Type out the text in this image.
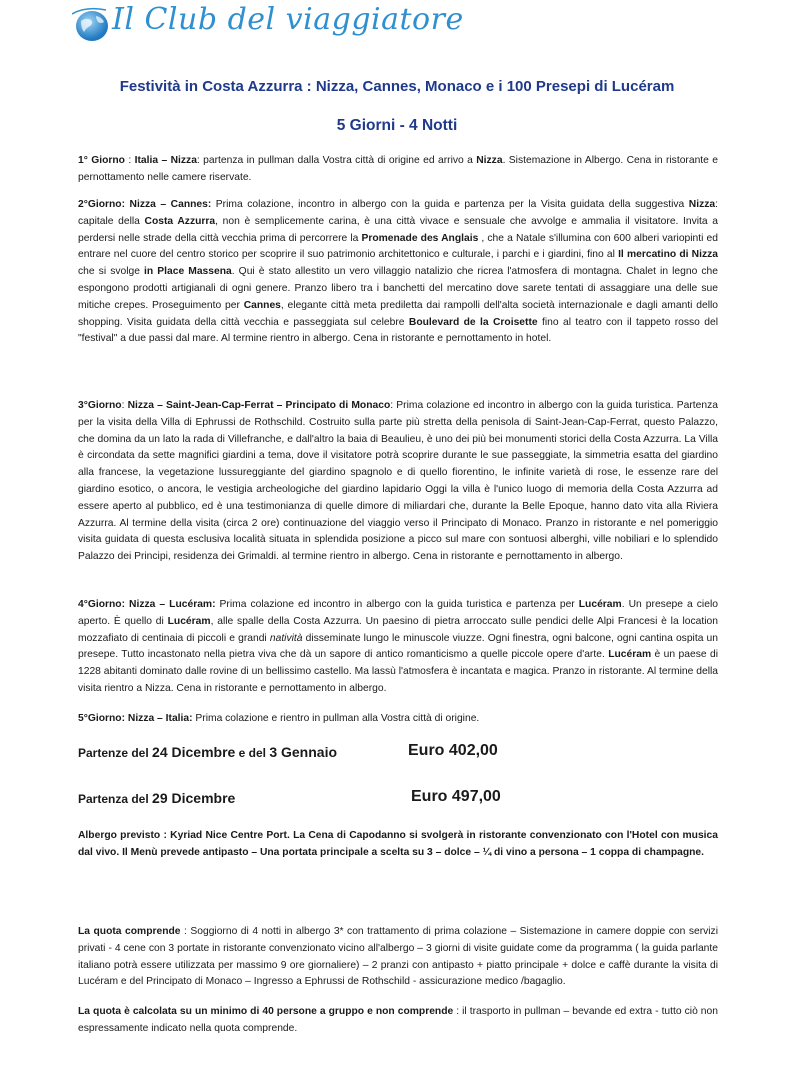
Il Club del viaggiatore
Festività in Costa Azzurra : Nizza, Cannes, Monaco e i 100 Presepi di Lucéram
5 Giorni - 4 Notti

1° Giorno : Italia – Nizza: partenza in pullman dalla Vostra città di origine ed arrivo a Nizza. Sistemazione in Albergo. Cena in ristorante e pernottamento nelle camere riservate.

2°Giorno: Nizza – Cannes: Prima colazione, incontro in albergo con la guida e partenza per la Visita guidata della suggestiva Nizza: capitale della Costa Azzurra, non è semplicemente carina, è una città vivace e sensuale che avvolge e ammalia il visitatore. Invita a perdersi nelle strade della città vecchia prima di percorrere la Promenade des Anglais , che a Natale s'illumina con 600 alberi variopinti ed entrare nel cuore del centro storico per scoprire il suo patrimonio architettonico e culturale, i parchi e i giardini, fino al Il mercatino di Nizza che si svolge in Place Massena. Qui è stato allestito un vero villaggio natalizio che ricrea l'atmosfera di montagna. Chalet in legno che espongono prodotti artigianali di ogni genere. Pranzo libero tra i banchetti del mercatino dove sarete tentati di assaggiare una delle sue mitiche crepes. Proseguimento per Cannes, elegante città meta prediletta dai rampolli dell'alta società internazionale e dagli amanti dello shopping. Visita guidata della città vecchia e passeggiata sul celebre Boulevard de la Croisette fino al teatro con il tappeto rosso del "festival" a due passi dal mare. Al termine rientro in albergo. Cena in ristorante e pernottamento in hotel.

3°Giorno: Nizza – Saint-Jean-Cap-Ferrat – Principato di Monaco: Prima colazione ed incontro in albergo con la guida turistica. Partenza per la visita della Villa di Ephrussi de Rothschild. Costruito sulla parte più stretta della penisola di Saint-Jean-Cap-Ferrat, questo Palazzo, che domina da un lato la rada di Villefranche, e dall'altro la baia di Beaulieu, è uno dei più bei monumenti storici della Costa Azzurra. La Villa è circondata da sette magnifici giardini a tema, dove il visitatore potrà scoprire durante le sue passeggiate, la simmetria esatta del giardino alla francese, la vegetazione lussureggiante del giardino spagnolo e di quello fiorentino, le infinite varietà di rose, le essenze rare del giardino esotico, o ancora, le vestigia archeologiche del giardino lapidario Oggi la villa è l'unico luogo di memoria della Costa Azzurra ad essere aperto al pubblico, ed è una testimonianza di quelle dimore di miliardari che, durante la Belle Epoque, hanno dato vita alla Riviera Azzurra. Al termine della visita (circa 2 ore) continuazione del viaggio verso il Principato di Monaco. Pranzo in ristorante e nel pomeriggio visita guidata di questa esclusiva località situata in splendida posizione a picco sul mare con sontuosi alberghi, ville nobiliari e lo splendido Palazzo dei Principi, residenza dei Grimaldi. al termine rientro in albergo. Cena in ristorante e pernottamento in albergo.

4°Giorno: Nizza – Lucéram: Prima colazione ed incontro in albergo con la guida turistica e partenza per Lucéram. Un presepe a cielo aperto. È quello di Lucéram, alle spalle della Costa Azzurra. Un paesino di pietra arroccato sulle pendici delle Alpi Francesi è la location mozzafiato di centinaia di piccoli e grandi natività disseminate lungo le minuscole viuzze. Ogni finestra, ogni balcone, ogni cantina ospita un presepe. Tutto incastonato nella pietra viva che dà un sapore di antico romanticismo a quelle piccole opere d'arte. Lucéram è un paese di 1228 abitanti dominato dalle rovine di un bellissimo castello. Ma lassù l'atmosfera è incantata e magica. Pranzo in ristorante. Al termine della visita rientro a Nizza. Cena in ristorante e pernottamento in albergo.

5°Giorno: Nizza – Italia: Prima colazione e rientro in pullman alla Vostra città di origine.

Partenze del 24 Dicembre e del 3 Gennaio	Euro 402,00
Partenza del 29 Dicembre	Euro 497,00

Albergo previsto : Kyriad Nice Centre Port. La Cena di Capodanno si svolgerà in ristorante convenzionato con l'Hotel con musica dal vivo. Il Menù prevede antipasto – Una portata principale a scelta su 3 – dolce – ¼ di vino a persona – 1 coppa di champagne.

La quota comprende : Soggiorno di 4 notti in albergo 3* con trattamento di prima colazione – Sistemazione in camere doppie con servizi privati - 4 cene con 3 portate in ristorante convenzionato vicino all'albergo – 3 giorni di visite guidate come da programma ( la guida parlante italiano potrà essere utilizzata per massimo 9 ore giornaliere) – 2 pranzi con antipasto + piatto principale + dolce e caffè durante la visita di Lucéram e del Principato di Monaco – Ingresso a Ephrussi de Rothschild - assicurazione medico /bagaglio.

La quota è calcolata su un minimo di 40 persone a gruppo e non comprende : il trasporto in pullman – bevande ed extra - tutto ciò non espressamente indicato nella quota comprende.
